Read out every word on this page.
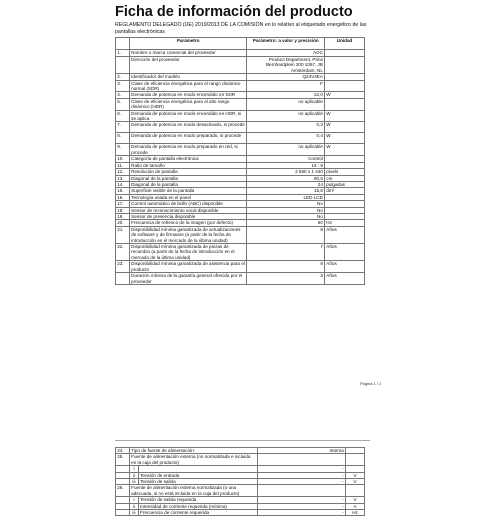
Ficha de información del producto
REGLAMENTO DELEGADO (UE) 2019/2013 DE LA COMISIÓN en lo relativo al etiquetado energético de las pantallas electrónicas
	Parámetro	Parámetro: a valor y precisión	Unidad
1.	Nombre o marca comercial del proveedor	AOC	
	Dirección del proveedor	Product Department, Prins Bernhardplein 200 1097, JB Amsterdam, NL	
2.	Identificador del modelo	Q24V4EA	
3.	Clase de eficiencia energética para el rango dinámico normal (SDR)	F	
4.	Demanda de potencia en modo encendido en SDR	22,0	W
5.	Clase de eficiencia energética para el alto rango dinámico (HDR)	no aplicable	
6.	Demanda de potencia en modo encendido en HDR, si se aplica	no aplicable	W
7.	Demanda de potencia en modo desactivado, si procede	0,3	W
8.	Demanda de potencia en modo preparado, si procede	0,4	W
9.	Demanda de potencia en modo preparado en red, si procede	no aplicable	W
10.	Categoría de pantalla electrónica	Control	
11.	Ratio de tamaño	16 : 9	
12.	Resolución de pantalla	2 560 x 1 440	píxels
13.	Diagonal de la pantalla	60,5	cm
14.	Diagonal de la pantalla	24	pulgadas
15.	Superficie visible de la pantalla	15,6	dm²
16.	Tecnología usada en el panel	LED LCD	
17.	Control automático de brillo (ABC) disponible	No	
18.	Sensor de reconocimiento vocal disponible	No	
19.	Sensor de presencia disponible	No	
20.	Frecuencia de refresco de la imagen (por defecto)	60	Hz
21.	Disponibilidad mínima garantizada de actualizaciones de software y de firmware (a partir de la fecha de introducción en el mercado de la última unidad)	8	Años
22.	Disponibilidad mínima garantizada de piezas de recambio (a partir de la fecha de introducción en el mercado de la última unidad)	7	Años
23.	Disponibilidad mínima garantizada de asistencia para el producto	8	Años
	Duración mínima de la garantía general ofrecida por el proveedor	3	Años
Página 1 / 2
24.	Tipo de fuente de alimentación:		Interna	
25.	Fuente de alimentación externa (no normalizada e incluida en la caja del producto)			
	i		-	
	ii	Tensión de entrada	-	V
	iii	Tensión de salida	-	V
26.	Fuente de alimentación externa normalizada (o una adecuada, si no está incluida en la caja del producto)			
	i	Tensión de salida requerida	-	V
	ii	Intensidad de corriente requerida (mínima)	-	A
	iii	Frecuencia de corriente requerida	-	Hz
